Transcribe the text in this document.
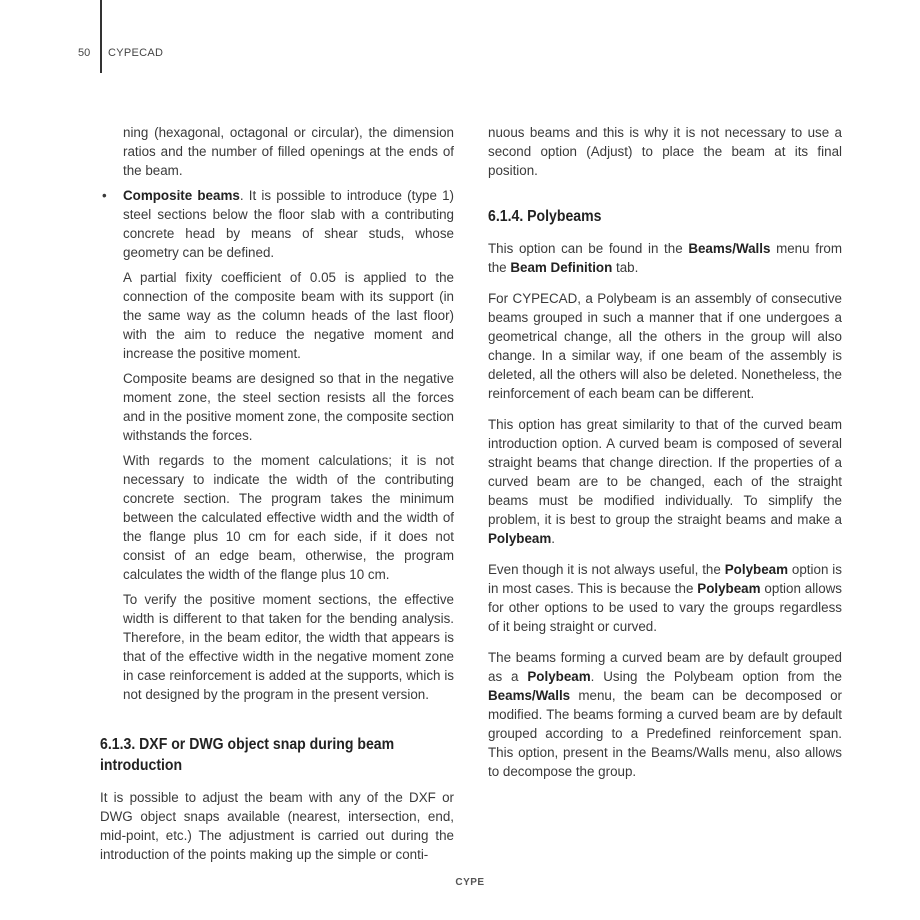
50 CYPECAD

ning (hexagonal, octagonal or circular), the dimension ratios and the number of filled openings at the ends of the beam.

• Composite beams. It is possible to introduce (type 1) steel sections below the floor slab with a contributing concrete head by means of shear studs, whose geometry can be defined.

A partial fixity coefficient of 0.05 is applied to the connection of the composite beam with its support (in the same way as the column heads of the last floor) with the aim to reduce the negative moment and increase the positive moment.

Composite beams are designed so that in the negative moment zone, the steel section resists all the forces and in the positive moment zone, the composite section withstands the forces.

With regards to the moment calculations; it is not necessary to indicate the width of the contributing concrete section. The program takes the minimum between the calculated effective width and the width of the flange plus 10 cm for each side, if it does not consist of an edge beam, otherwise, the program calculates the width of the flange plus 10 cm.

To verify the positive moment sections, the effective width is different to that taken for the bending analysis. Therefore, in the beam editor, the width that appears is that of the effective width in the negative moment zone in case reinforcement is added at the supports, which is not designed by the program in the present version.

6.1.3. DXF or DWG object snap during beam introduction

It is possible to adjust the beam with any of the DXF or DWG object snaps available (nearest, intersection, end, mid-point, etc.) The adjustment is carried out during the introduction of the points making up the simple or conti-

nuous beams and this is why it is not necessary to use a second option (Adjust) to place the beam at its final position.

6.1.4. Polybeams

This option can be found in the Beams/Walls menu from the Beam Definition tab.

For CYPECAD, a Polybeam is an assembly of consecutive beams grouped in such a manner that if one undergoes a geometrical change, all the others in the group will also change. In a similar way, if one beam of the assembly is deleted, all the others will also be deleted. Nonetheless, the reinforcement of each beam can be different.

This option has great similarity to that of the curved beam introduction option. A curved beam is composed of several straight beams that change direction. If the properties of a curved beam are to be changed, each of the straight beams must be modified individually. To simplify the problem, it is best to group the straight beams and make a Polybeam.

Even though it is not always useful, the Polybeam option is in most cases. This is because the Polybeam option allows for other options to be used to vary the groups regardless of it being straight or curved.

The beams forming a curved beam are by default grouped as a Polybeam. Using the Polybeam option from the Beams/Walls menu, the beam can be decomposed or modified. The beams forming a curved beam are by default grouped according to a Predefined reinforcement span. This option, present in the Beams/Walls menu, also allows to decompose the group.

CYPE
